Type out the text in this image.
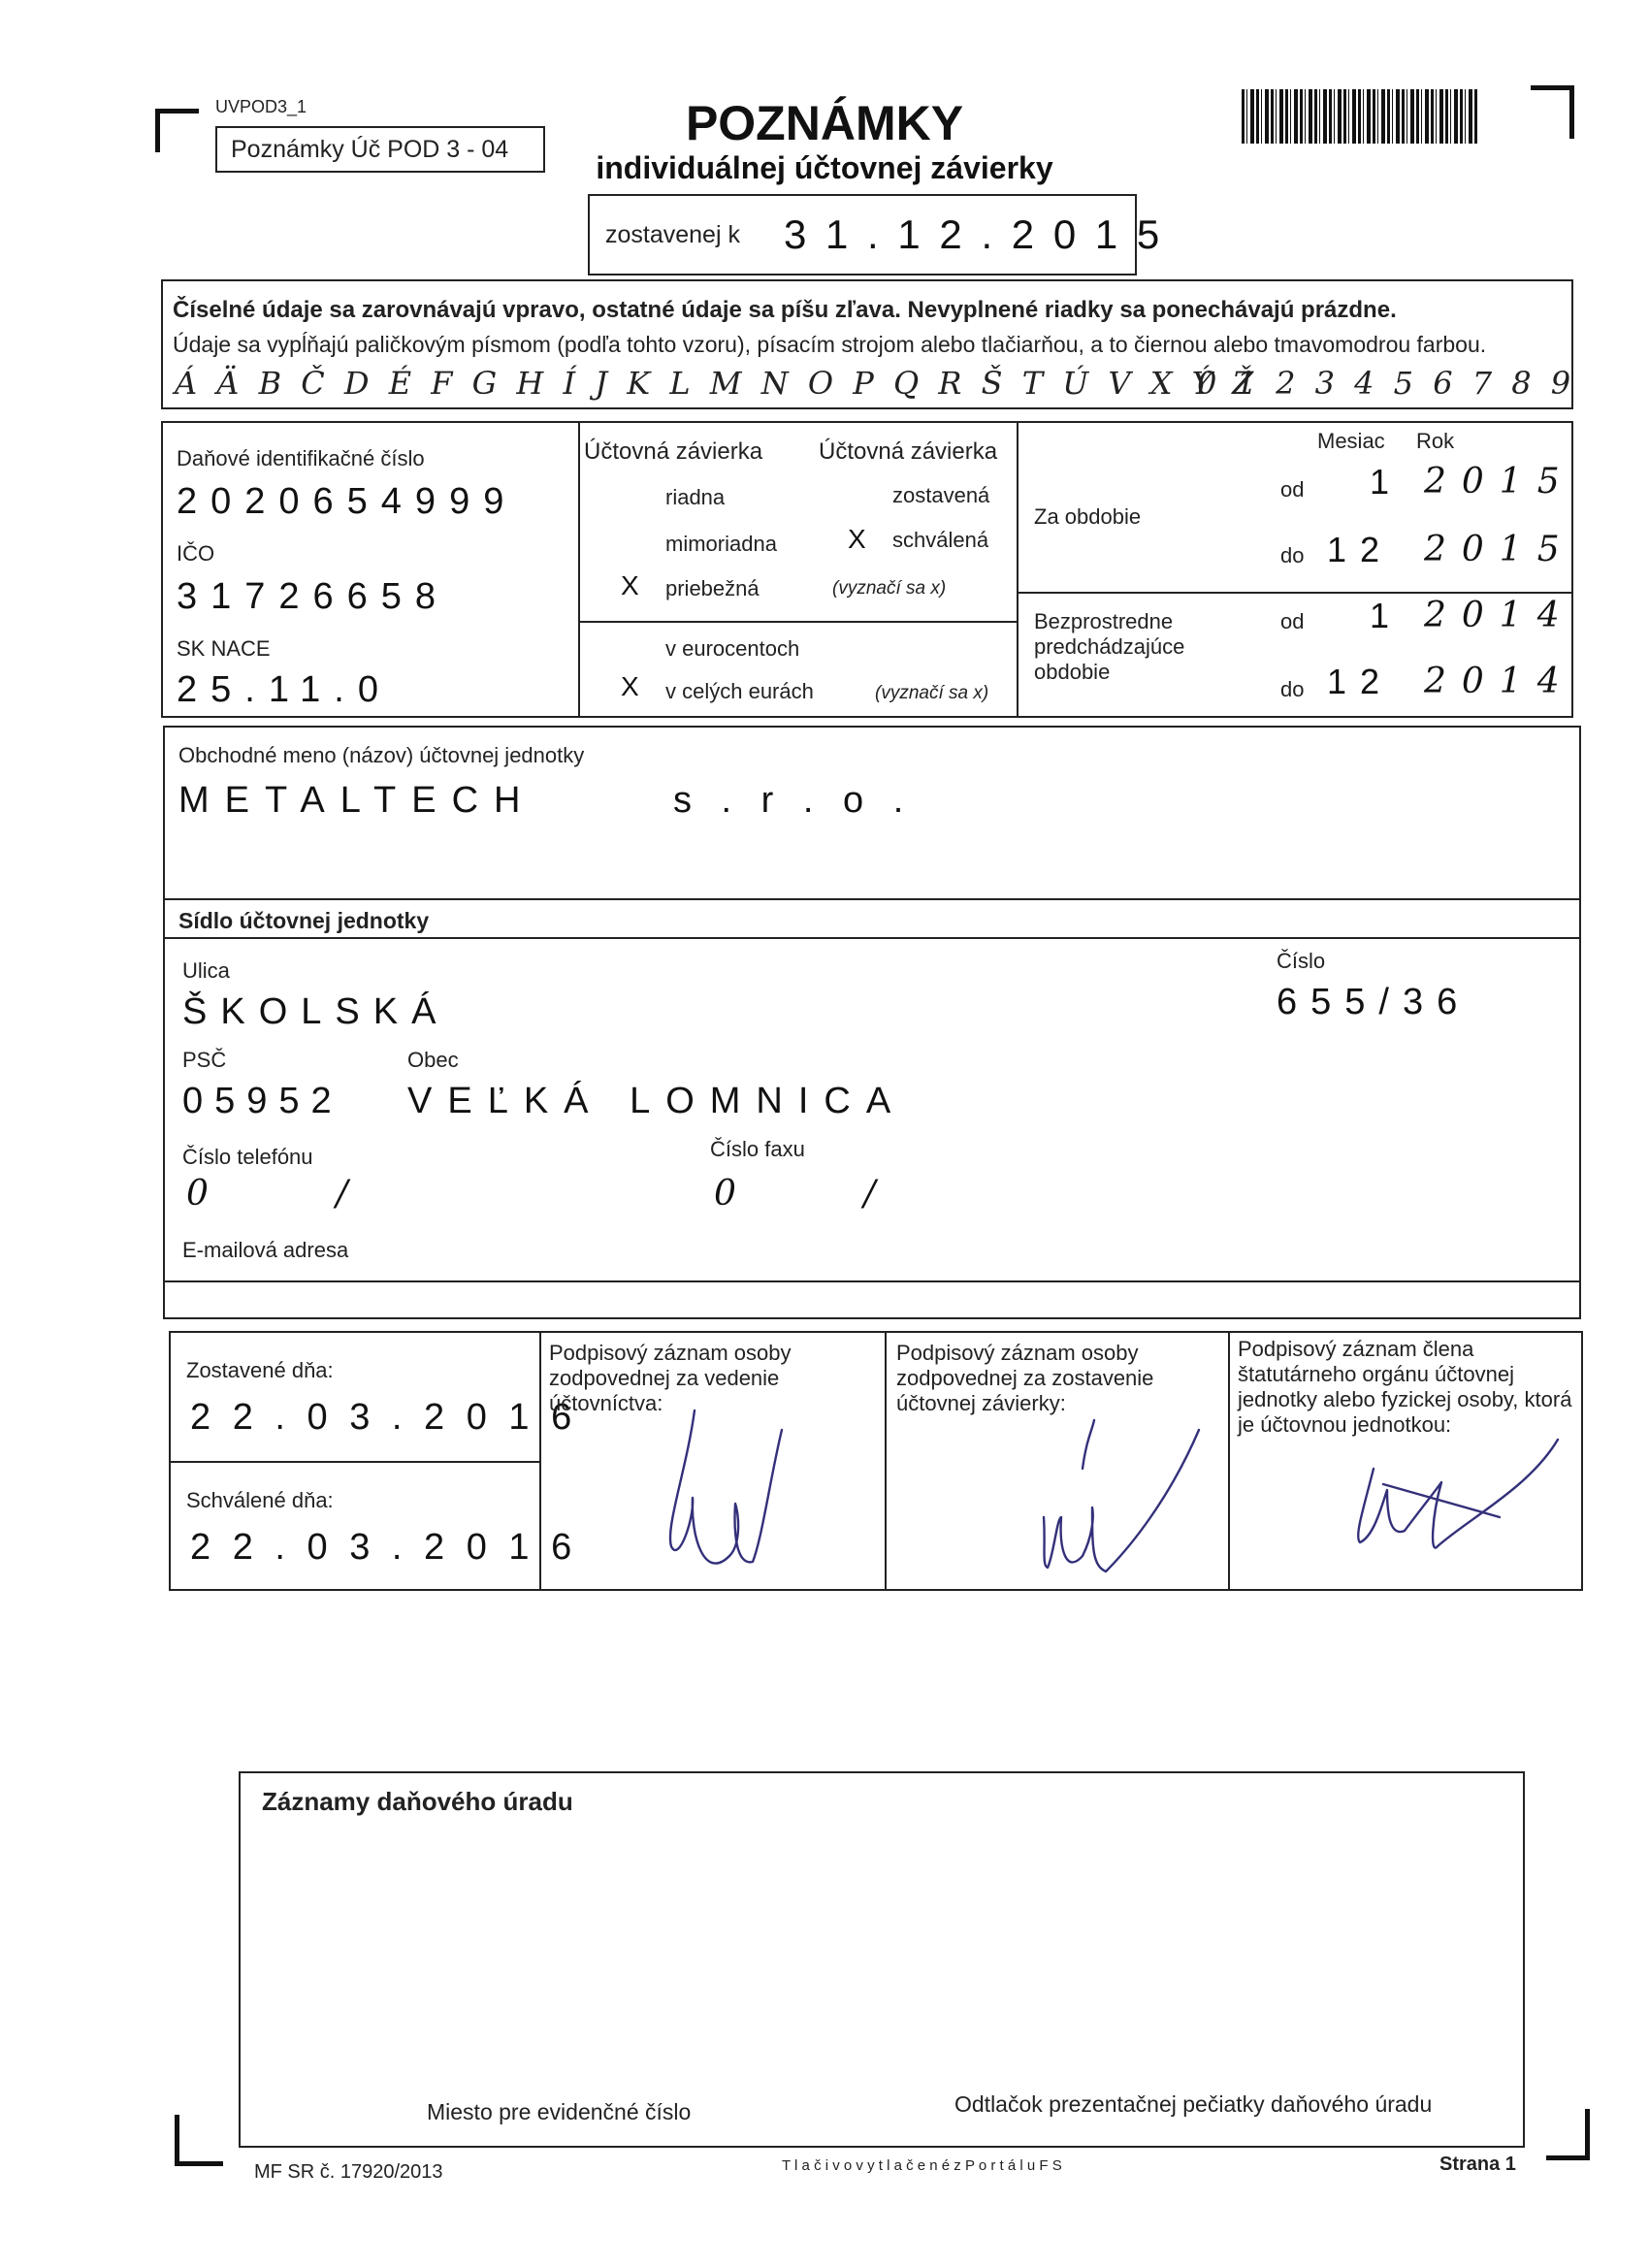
UVPOD3_1
Poznámky Úč POD 3 - 04	POZNÁMKY
individuálnej účtovnej závierky
zostavenej k 3 1 . 1 2 . 2 0 1 5
Číselné údaje sa zarovnávajú vpravo, ostatné údaje sa píšu zľava. Nevyplnené riadky sa ponechávajú prázdne.
Údaje sa vypĺňajú paličkovým písmom (podľa tohto vzoru), písacím strojom alebo tlačiarňou, a to čiernou alebo tmavomodrou farbou.
Á Ä B Č D É F G H Í J K L M N O P Q R Š T Ú V X Ý Ž
0 1 2 3 4 5 6 7 8 9
Daňové identifikačné číslo
2020654999
IČO
31726658
SK NACE
25.11.0
Účtovná závierka Účtovná závierka
riadna	zostavená
mimoriadna	X schválená
X priebežná	(vyznačí sa x)
v eurocentoch
X v celých eurách	(vyznačí sa x)
Mesiac Rok
Za obdobie
od 1 2015
do 12 2015
Bezprostredne predchádzajúce obdobie
od 1 2014
do 12 2014
Obchodné meno (názov) účtovnej jednotky
METALTECH	s . r . o .
Sídlo účtovnej jednotky
Ulica
ŠKOLSKÁ
Číslo
655/36
PSČ	Obec
05952 VEĽKÁ LOMNICA
Číslo telefónu	Číslo faxu
0 /	0 /
E-mailová adresa
Zostavené dňa:
2 2 . 0 3 . 2 0 1 6
Schválené dňa:
2 2 . 0 3 . 2 0 1 6
Podpisový záznam osoby zodpovednej za vedenie účtovníctva:
Podpisový záznam osoby zodpovednej za zostavenie účtovnej závierky:
Podpisový záznam člena štatutárneho orgánu účtovnej jednotky alebo fyzickej osoby, ktorá je účtovnou jednotkou:
Záznamy daňového úradu
Miesto pre evidenčné číslo	Odtlačok prezentačnej pečiatky daňového úradu
MF SR č. 17920/2013	T l a č i v o v y t l a č e n é z P o r t á l u F S	Strana 1
